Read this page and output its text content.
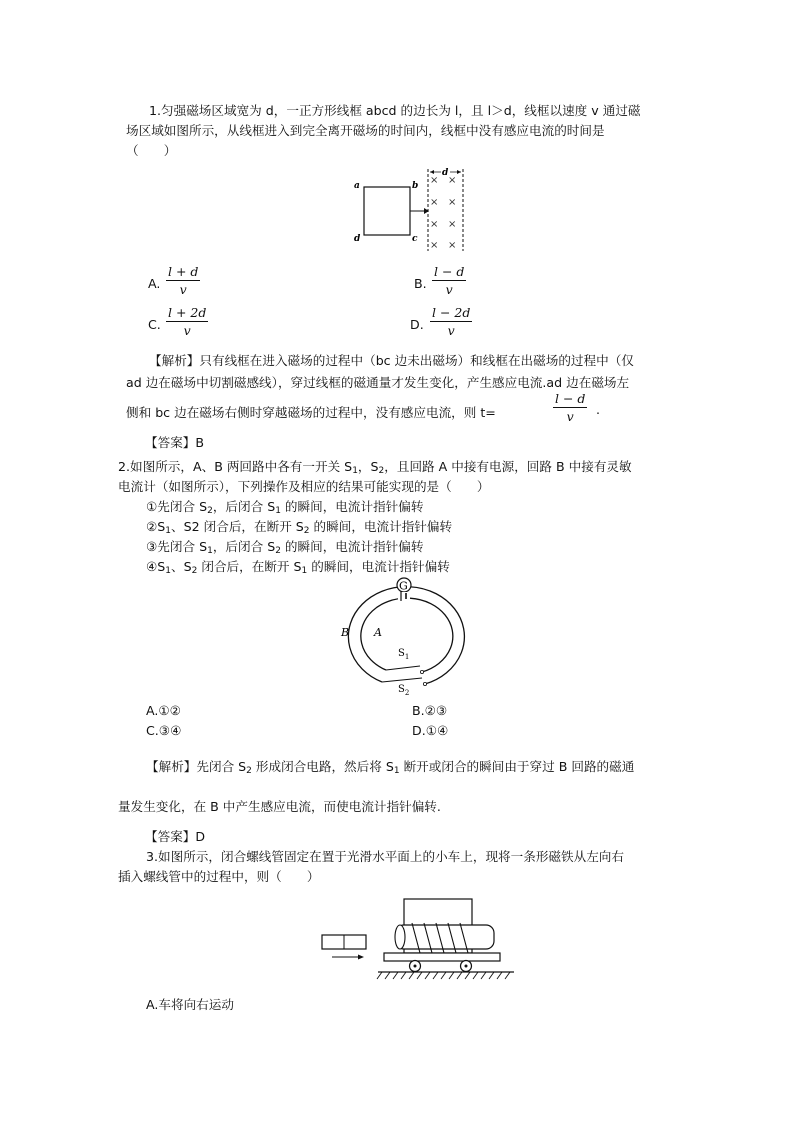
1.匀强磁场区域宽为 d，一正方形线框 abcd 的边长为 l，且 l＞d，线框以速度 v 通过磁
场区域如图所示，从线框进入到完全离开磁场的时间内，线框中没有感应电流的时间是
（　　）
a	b
c
d
d
× ×
× ×
× ×
× ×
A. $\frac{l + d}{v}$	B. $\frac{l - d}{v}$
C. $\frac{l + 2d}{v}$	D. $\frac{l - 2d}{v}$
【解析】只有线框在进入磁场的过程中（bc 边未出磁场）和线框在出磁场的过程中（仅
ad 边在磁场中切割磁感线），穿过线框的磁通量才发生变化，产生感应电流.ad 边在磁场左
侧和 bc 边在磁场右侧时穿越磁场的过程中，没有感应电流，则 t=	$\frac{l - d}{v}$ .
【答案】B
2.如图所示，A、B 两回路中各有一开关 $S_1$，$S_2$，且回路 A 中接有电源，回路 B 中接有灵敏
电流计（如图所示），下列操作及相应的结果可能实现的是（　　）
①先闭合 $S_2$，后闭合 $S_1$ 的瞬间，电流计指针偏转
$②S_1$、S2 闭合后，在断开 $S_2$ 的瞬间，电流计指针偏转
③先闭合 $S_1$，后闭合 $S_2$ 的瞬间，电流计指针偏转
$④S_1$、$S_2$ 闭合后，在断开 $S_1$ 的瞬间，电流计指针偏转
G
B A
$S_1$
$S_2$
A.①②	B.②③
C.③④	D.①④
【解析】先闭合 $S_2$ 形成闭合电路，然后将 $S_1$ 断开或闭合的瞬间由于穿过 B 回路的磁通
量发生变化，在 B 中产生感应电流，而使电流计指针偏转.
【答案】D
3.如图所示，闭合螺线管固定在置于光滑水平面上的小车上，现将一条形磁铁从左向右
插入螺线管中的过程中，则（　　）
A.车将向右运动
